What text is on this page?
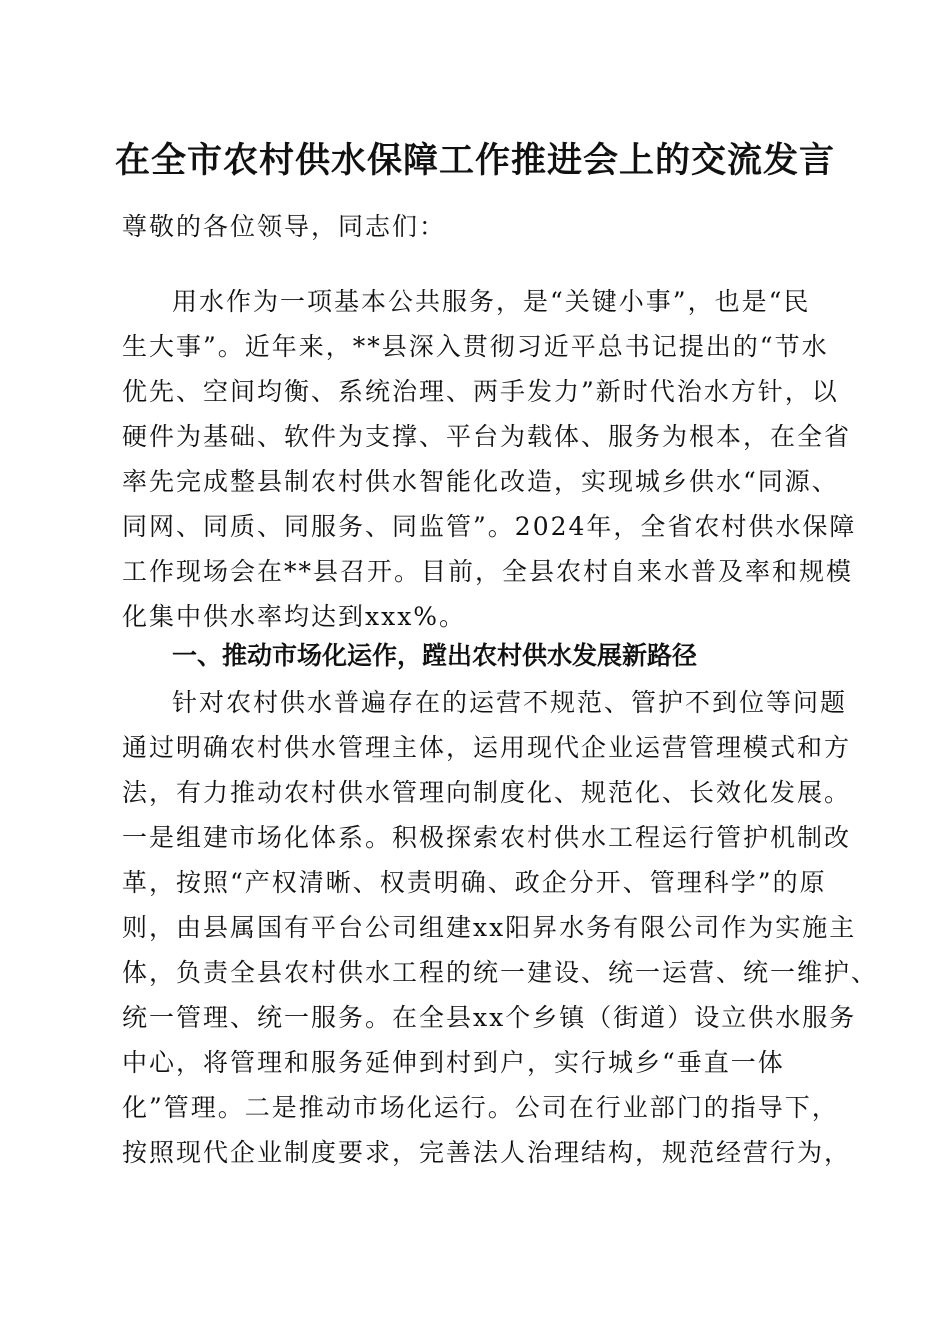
在全市农村供水保障工作推进会上的交流发言
尊敬的各位领导，同志们：
用水作为一项基本公共服务，是“关键小事”，也是“民
生大事”。近年来，**县深入贯彻习近平总书记提出的“节水
优先、空间均衡、系统治理、两手发力”新时代治水方针，以
硬件为基础、软件为支撑、平台为载体、服务为根本，在全省
率先完成整县制农村供水智能化改造，实现城乡供水“同源、
同网、同质、同服务、同监管”。2024年，全省农村供水保障
工作现场会在**县召开。目前，全县农村自来水普及率和规模
化集中供水率均达到xxx%。
一、推动市场化运作，蹚出农村供水发展新路径
针对农村供水普遍存在的运营不规范、管护不到位等问题
通过明确农村供水管理主体，运用现代企业运营管理模式和方
法，有力推动农村供水管理向制度化、规范化、长效化发展。
一是组建市场化体系。积极探索农村供水工程运行管护机制改
革，按照“产权清晰、权责明确、政企分开、管理科学”的原
则，由县属国有平台公司组建xx阳昇水务有限公司作为实施主
体，负责全县农村供水工程的统一建设、统一运营、统一维护、
统一管理、统一服务。在全县xx个乡镇（街道）设立供水服务
中心，将管理和服务延伸到村到户，实行城乡“垂直一体
化”管理。二是推动市场化运行。公司在行业部门的指导下，
按照现代企业制度要求，完善法人治理结构，规范经营行为，
